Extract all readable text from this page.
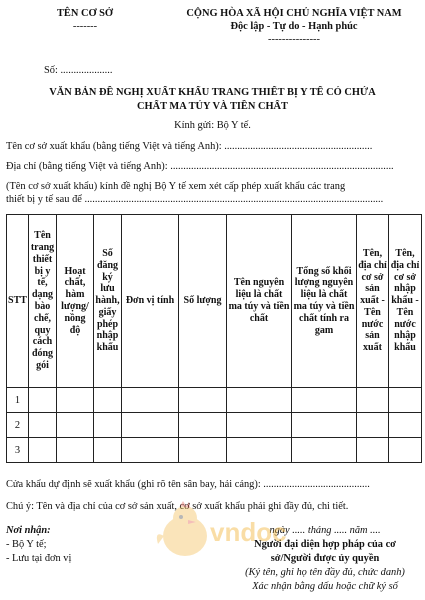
TÊN CƠ SỞ
-------
CỘNG HÒA XÃ HỘI CHỦ NGHĨA VIỆT NAM
Độc lập - Tự do - Hạnh phúc
---------------
Số: ....................
VĂN BẢN ĐỀ NGHỊ XUẤT KHẨU TRANG THIẾT BỊ Y TẾ CÓ CHỨA
CHẤT MA TÚY VÀ TIỀN CHẤT
Kính gửi: Bộ Y tế.
Tên cơ sở xuất khẩu (bằng tiếng Việt và tiếng Anh): .........................................................
Địa chỉ (bằng tiếng Việt và tiếng Anh): ......................................................................................
(Tên cơ sở xuất khẩu) kính đề nghị Bộ Y tế xem xét cấp phép xuất khẩu các trang
thiết bị y tế sau để ...................................................................................................................
STT	Tên trang thiết bị y tế, dạng bào chế, quy cách đóng gói	Hoạt chất, hàm lượng/ nồng độ	Số đăng ký lưu hành, giấy phép nhập khẩu	Đơn vị tính	Số lượng	Tên nguyên liệu là chất ma túy và tiền chất	Tổng số khối lượng nguyên liệu là chất ma túy và tiền chất tính ra gam	Tên, địa chỉ cơ sở sản xuất - Tên nước sản xuất	Tên, địa chỉ cơ sở nhập khẩu - Tên nước nhập khẩu
1									
2									
3									
Cửa khẩu dự định sẽ xuất khẩu (ghi rõ tên sân bay, hải cảng): .........................................
Chú ý: Tên và địa chỉ của cơ sở sản xuất, cơ sở xuất khẩu phải ghi đầy đủ, chi tiết.
Nơi nhận:
- Bộ Y tế;
- Lưu tại đơn vị
ngày ..... tháng ..... năm ....
Người đại diện hợp pháp của cơ
sở/Người được ủy quyền
(Ký tên, ghi họ tên đầy đủ, chức danh)
Xác nhận bằng dấu hoặc chữ ký số
vndoc
